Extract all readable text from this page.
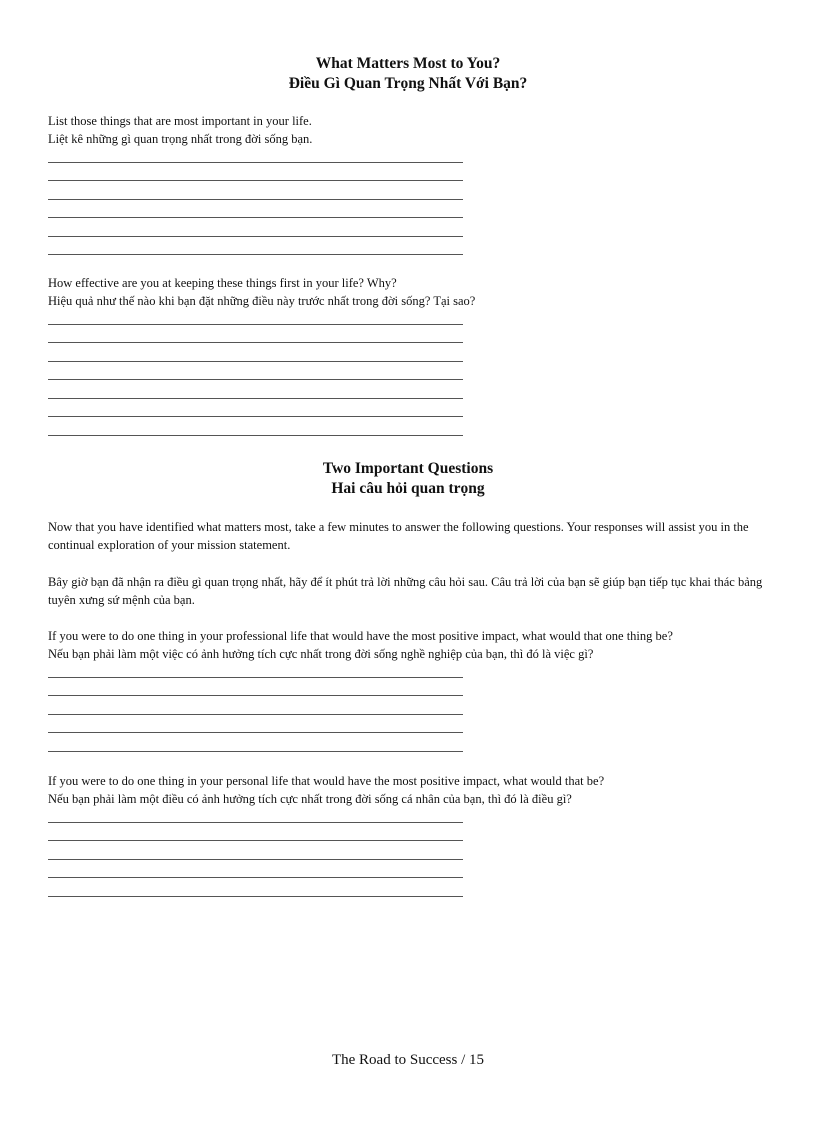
What Matters Most to You?

Điều Gì Quan Trọng Nhất Với Bạn?

List those things that are most important in your life.

Liệt kê những gì quan trọng nhất trong đời sống bạn.

How effective are you at keeping these things first in your life? Why?

Hiệu quả như thế nào khi bạn đặt những điều này trước nhất trong đời sống? Tại sao?

Two Important Questions

Hai câu hỏi quan trọng

Now that you have identified what matters most, take a few minutes to answer the following questions. Your responses will assist you in the continual exploration of your mission statement.

Bây giờ bạn đã nhận ra điều gì quan trọng nhất, hãy để ít phút trả lời những câu hỏi sau. Câu trả lời của bạn sẽ giúp bạn tiếp tục khai thác bảng tuyên xưng sứ mệnh của bạn.

If you were to do one thing in your professional life that would have the most positive impact, what would that one thing be?

Nếu bạn phải làm một việc có ảnh hưởng tích cực nhất trong đời sống nghề nghiệp của bạn, thì đó là việc gì?

If you were to do one thing in your personal life that would have the most positive impact, what would that be?

Nếu bạn phải làm một điều có ảnh hưởng tích cực nhất trong đời sống cá nhân của bạn, thì đó là điều gì?

The Road to Success / 15
